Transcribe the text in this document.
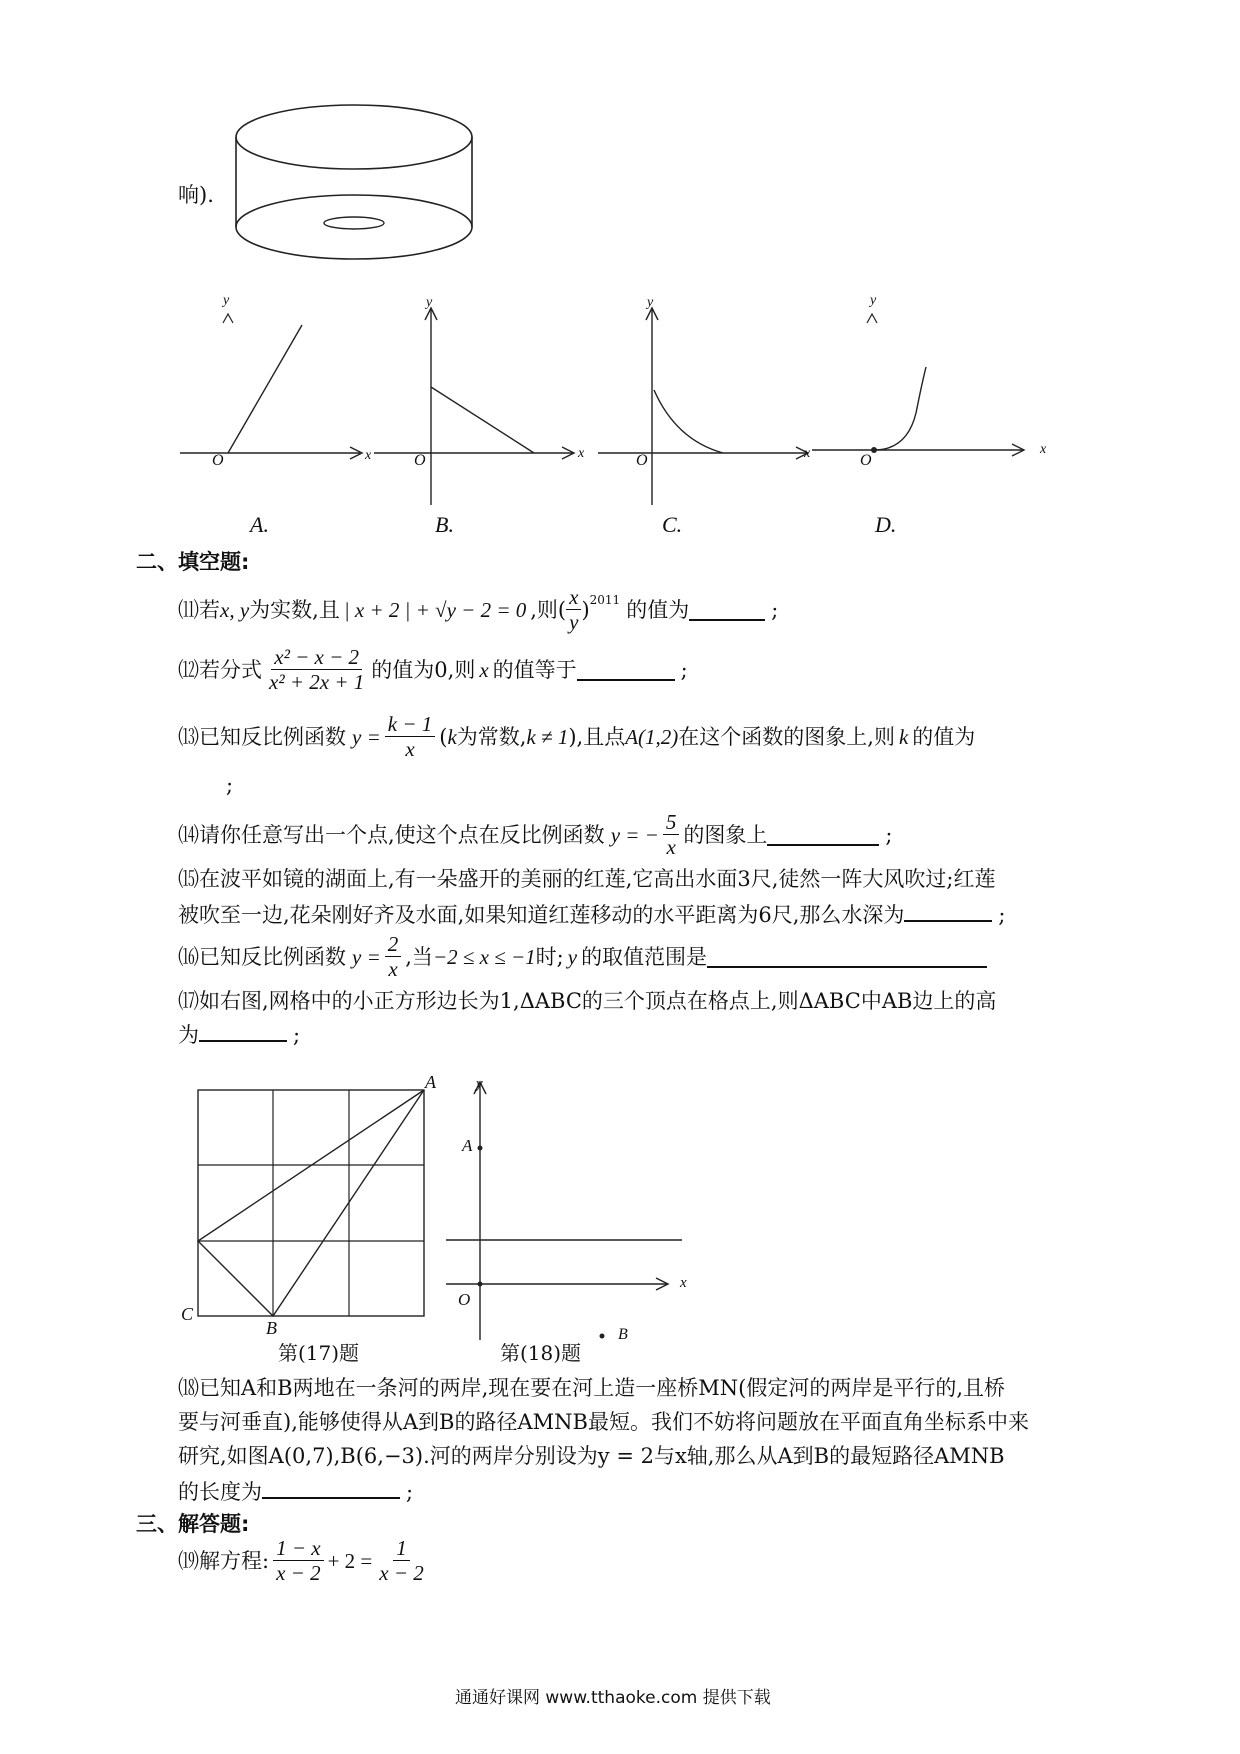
响).
y
x
O
y
x
O
y
x
O
y
x
O
A.	B.	C.	D.
二、填空题:
⑾ 若 x, y 为实数,且 | x + 2 | + √y − 2 = 0 ,则( $\frac{x}{y} )^{2011}$ 的值为	;
⑿ 若分式 $\frac{\text{x² − x − 2}}{\text{x² + 2x + 1}}$ 的值为0,则 x 的值等于	;
⒀ 已知反比例函数 $y = \frac{k - 1}{x}$ ( k 为常数, k ≠ 1 ),且点 A(1,2) 在这个函数的图象上,则 k 的值为
;
⒁ 请你任意写出一个点,使这个点在反比例函数 y = − $\frac{5}{x}$ 的图象上	;
⒂在波平如镜的湖面上,有一朵盛开的美丽的红莲,它高出水面3尺,徒然一阵大风吹过;红莲
被吹至一边,花朵刚好齐及水面,如果知道红莲移动的水平距离为6尺,那么水深为	;
⒃ 已知反比例函数 $y = \frac{2}{x}$ ,当 −2 ≤ x ≤ −1 时; y 的取值范围是
⒄如右图,网格中的小正方形边长为1,ΔABC的三个顶点在格点上,则ΔABC中AB边上的高
为	;
A
B
C
第(17)题
y
A
O
x
B
第(18)题
⒅已知A和B两地在一条河的两岸,现在要在河上造一座桥MN(假定河的两岸是平行的,且桥
要与河垂直),能够使得从A到B的路径AMNB最短。我们不妨将问题放在平面直角坐标系中来
研究,如图A(0,7),B(6,−3).河的两岸分别设为y = 2与x轴,那么从A到B的最短路径AMNB
的长度为	;
三、解答题:
⒆ 解方程: $\frac{1 - x}{x - 2} + 2 = \frac{1}{x - 2}$
通通好课网 www.tthaoke.com 提供下载
